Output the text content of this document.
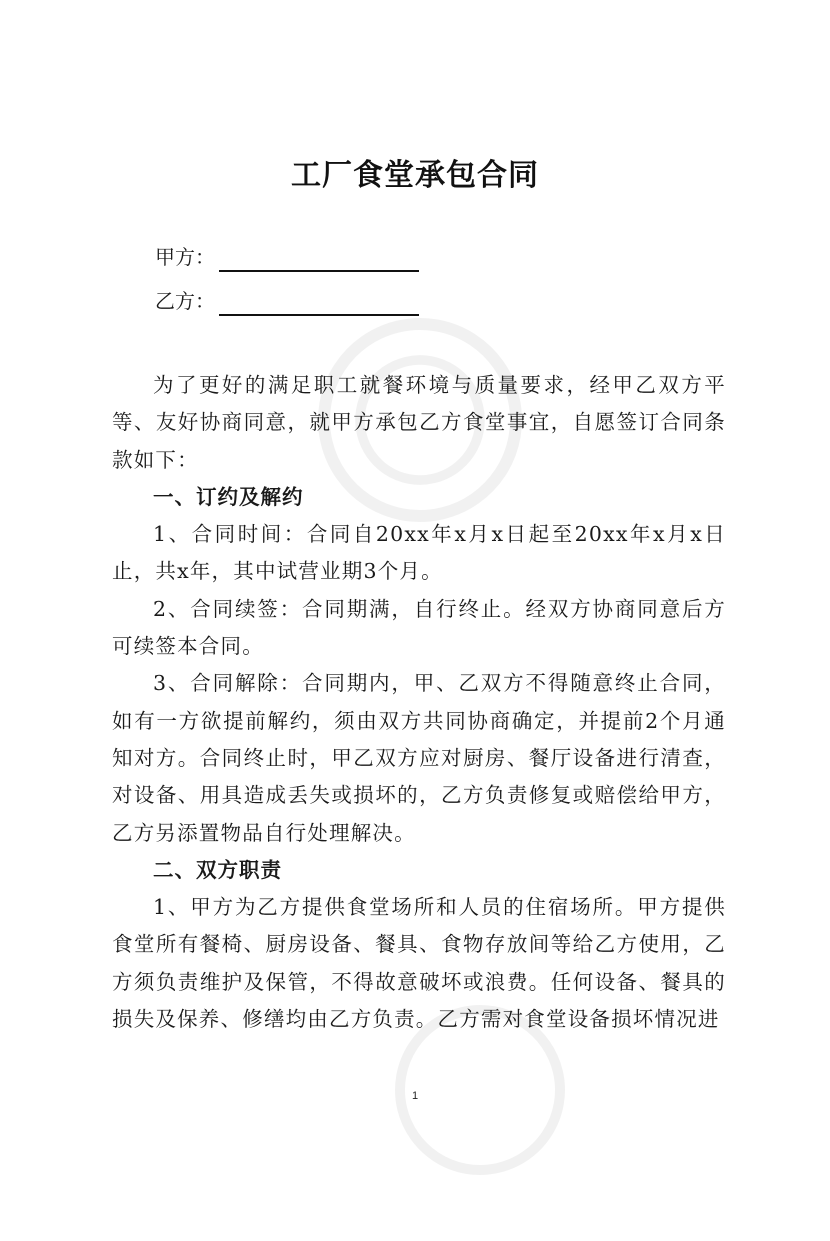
工厂食堂承包合同
甲方：
乙方：

为了更好的满足职工就餐环境与质量要求，经甲乙双方平等、友好协商同意，就甲方承包乙方食堂事宜，自愿签订合同条款如下：

一、订约及解约

1、合同时间：合同自20xx年x月x日起至20xx年x月x日止，共x年，其中试营业期3个月。

2、合同续签：合同期满，自行终止。经双方协商同意后方可续签本合同。

3、合同解除：合同期内，甲、乙双方不得随意终止合同，如有一方欲提前解约，须由双方共同协商确定，并提前2个月通知对方。合同终止时，甲乙双方应对厨房、餐厅设备进行清查，对设备、用具造成丢失或损坏的，乙方负责修复或赔偿给甲方，乙方另添置物品自行处理解决。

二、双方职责

1、甲方为乙方提供食堂场所和人员的住宿场所。甲方提供食堂所有餐椅、厨房设备、餐具、食物存放间等给乙方使用，乙方须负责维护及保管，不得故意破坏或浪费。任何设备、餐具的损失及保养、修缮均由乙方负责。乙方需对食堂设备损坏情况进

1
